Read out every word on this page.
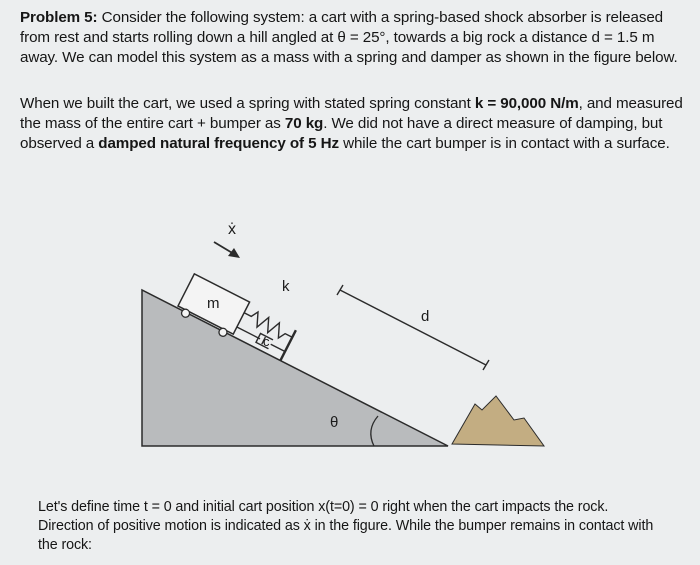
Problem 5: Consider the following system: a cart with a spring-based shock absorber is released
from rest and starts rolling down a hill angled at θ = 25°, towards a big rock a distance d = 1.5 m
away. We can model this system as a mass with a spring and damper as shown in the figure below.
When we built the cart, we used a spring with stated spring constant k = 90,000 N/m, and measured
the mass of the entire cart + bumper as 70 kg. We did not have a direct measure of damping, but
observed a damped natural frequency of 5 Hz while the cart bumper is in contact with a surface.
θ
m
k
c
ẋ
d
Let's define time t = 0 and initial cart position x(t=0) = 0 right when the cart impacts the rock.
Direction of positive motion is indicated as ẋ in the figure. While the bumper remains in contact with
the rock:
